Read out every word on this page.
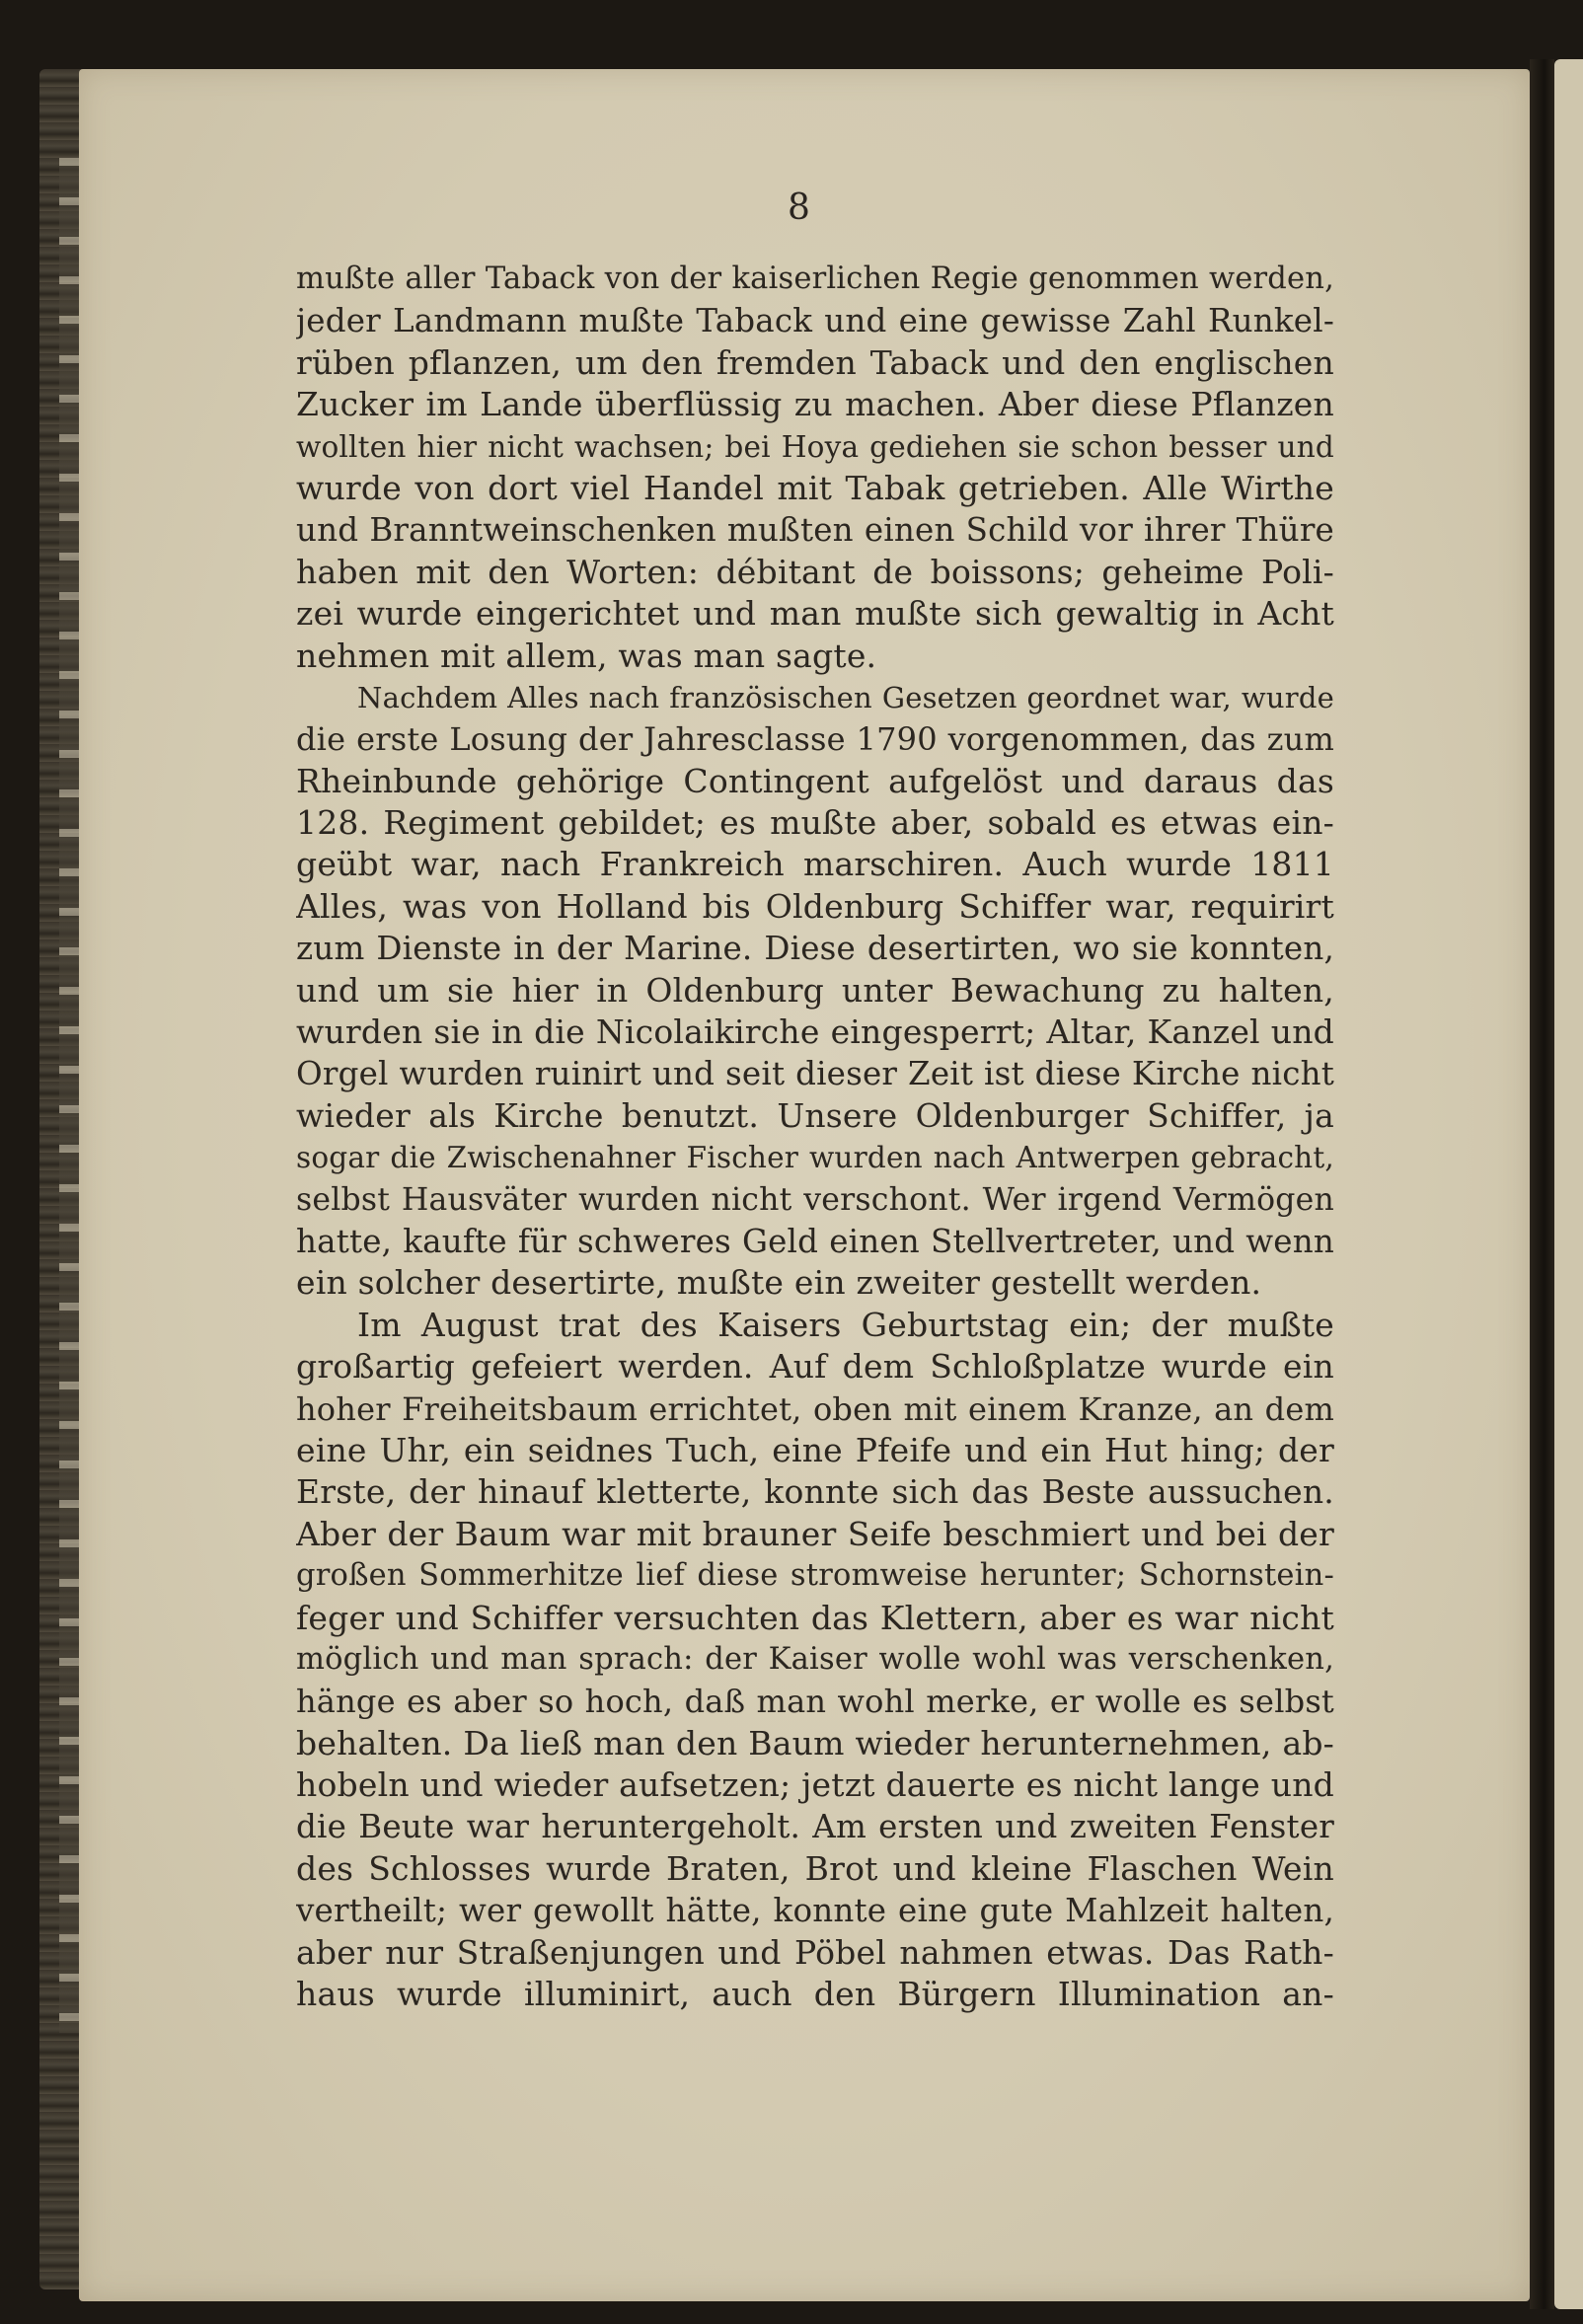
8
mußte aller Taback von der kaiserlichen Regie genommen werden,
jeder Landmann mußte Taback und eine gewisse Zahl Runkel-
rüben pflanzen, um den fremden Taback und den englischen
Zucker im Lande überflüssig zu machen. Aber diese Pflanzen
wollten hier nicht wachsen; bei Hoya gediehen sie schon besser und
wurde von dort viel Handel mit Tabak getrieben. Alle Wirthe
und Branntweinschenken mußten einen Schild vor ihrer Thüre
haben mit den Worten: débitant de boissons; geheime Poli-
zei wurde eingerichtet und man mußte sich gewaltig in Acht
nehmen mit allem, was man sagte.
Nachdem Alles nach französischen Gesetzen geordnet war, wurde
die erste Losung der Jahresclasse 1790 vorgenommen, das zum
Rheinbunde gehörige Contingent aufgelöst und daraus das
128. Regiment gebildet; es mußte aber, sobald es etwas ein-
geübt war, nach Frankreich marschiren. Auch wurde 1811
Alles, was von Holland bis Oldenburg Schiffer war, requirirt
zum Dienste in der Marine. Diese desertirten, wo sie konnten,
und um sie hier in Oldenburg unter Bewachung zu halten,
wurden sie in die Nicolaikirche eingesperrt; Altar, Kanzel und
Orgel wurden ruinirt und seit dieser Zeit ist diese Kirche nicht
wieder als Kirche benutzt. Unsere Oldenburger Schiffer, ja
sogar die Zwischenahner Fischer wurden nach Antwerpen gebracht,
selbst Hausväter wurden nicht verschont. Wer irgend Vermögen
hatte, kaufte für schweres Geld einen Stellvertreter, und wenn
ein solcher desertirte, mußte ein zweiter gestellt werden.
Im August trat des Kaisers Geburtstag ein; der mußte
großartig gefeiert werden. Auf dem Schloßplatze wurde ein
hoher Freiheitsbaum errichtet, oben mit einem Kranze, an dem
eine Uhr, ein seidnes Tuch, eine Pfeife und ein Hut hing; der
Erste, der hinauf kletterte, konnte sich das Beste aussuchen.
Aber der Baum war mit brauner Seife beschmiert und bei der
großen Sommerhitze lief diese stromweise herunter; Schornstein-
feger und Schiffer versuchten das Klettern, aber es war nicht
möglich und man sprach: der Kaiser wolle wohl was verschenken,
hänge es aber so hoch, daß man wohl merke, er wolle es selbst
behalten. Da ließ man den Baum wieder herunternehmen, ab-
hobeln und wieder aufsetzen; jetzt dauerte es nicht lange und
die Beute war heruntergeholt. Am ersten und zweiten Fenster
des Schlosses wurde Braten, Brot und kleine Flaschen Wein
vertheilt; wer gewollt hätte, konnte eine gute Mahlzeit halten,
aber nur Straßenjungen und Pöbel nahmen etwas. Das Rath-
haus wurde illuminirt, auch den Bürgern Illumination an-
